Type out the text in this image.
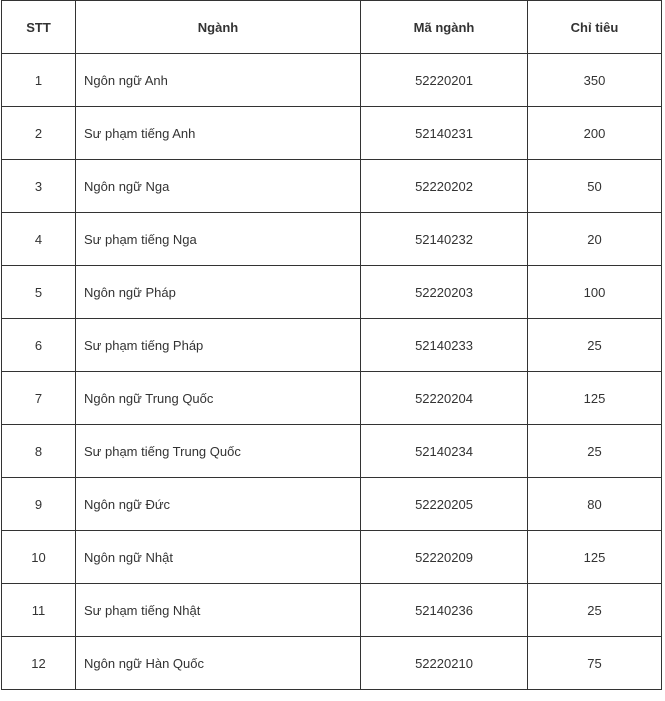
STT	Ngành	Mã ngành	Chỉ tiêu
1	Ngôn ngữ Anh	52220201	350
2	Sư phạm tiếng Anh	52140231	200
3	Ngôn ngữ Nga	52220202	50
4	Sư phạm tiếng Nga	52140232	20
5	Ngôn ngữ Pháp	52220203	100
6	Sư phạm tiếng Pháp	52140233	25
7	Ngôn ngữ Trung Quốc	52220204	125
8	Sư phạm tiếng Trung Quốc	52140234	25
9	Ngôn ngữ Đức	52220205	80
10	Ngôn ngữ Nhật	52220209	125
11	Sư phạm tiếng Nhật	52140236	25
12	Ngôn ngữ Hàn Quốc	52220210	75
